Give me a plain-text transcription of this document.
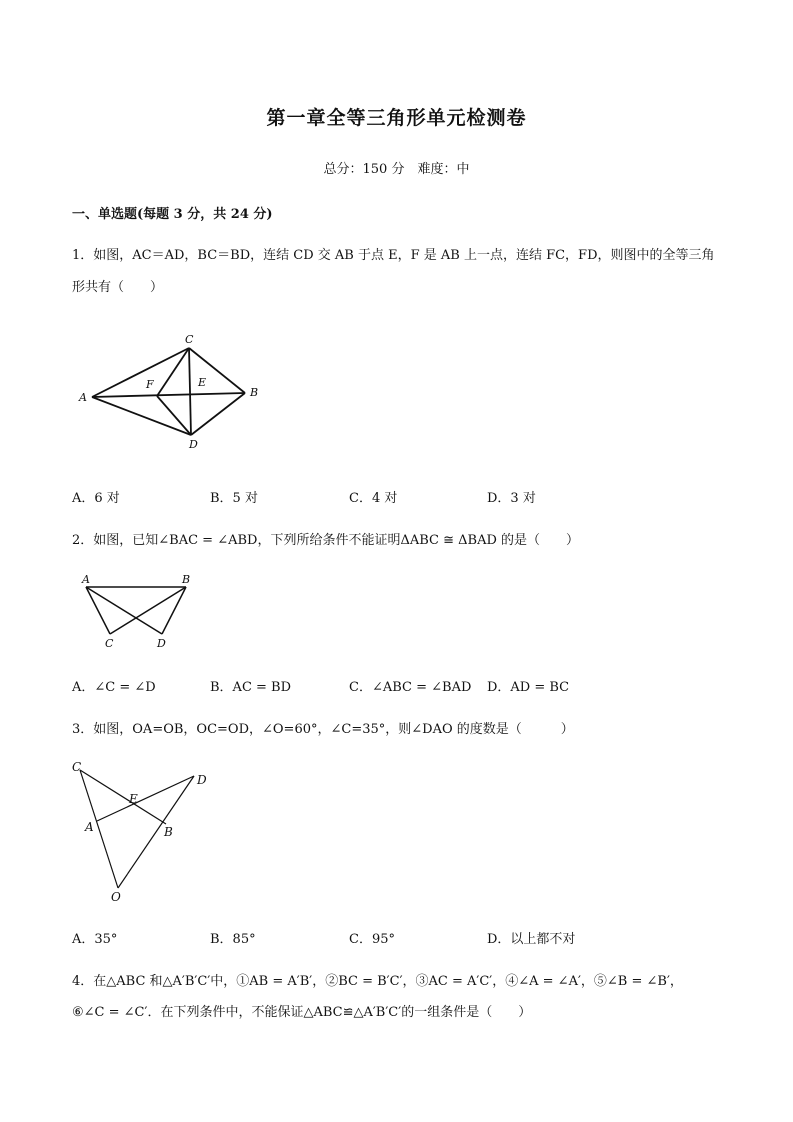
第一章全等三角形单元检测卷
总分：150 分　难度：中
一、单选题(每题 3 分，共 24 分)
1．如图，AC＝AD，BC＝BD，连结 CD 交 AB 于点 E，F 是 AB 上一点，连结 FC，FD，则图中的全等三角
形共有（　　）
A
C
B
D
F	E
A．6 对	B．5 对	C．4 对	D．3 对
2．如图，已知∠BAC = ∠ABD，下列所给条件不能证明ΔABC ≅ ΔBAD 的是（　　）
A	B
C	D
A．∠C = ∠D	B．AC = BD	C．∠ABC = ∠BAD D．AD = BC
3．如图，OA=OB，OC=OD，∠O=60°，∠C=35°，则∠DAO 的度数是（　　　）
C
D
E
A	B
O
A．35°	B．85°	C．95°	D．以上都不对
4．在△ABC 和△A′B′C′中，①AB = A′B′，②BC = B′C′，③AC = A′C′，④∠A = ∠A′，⑤∠B = ∠B′，
⑥∠C = ∠C′．在下列条件中，不能保证△ABC≌△A′B′C′的一组条件是（　　）
